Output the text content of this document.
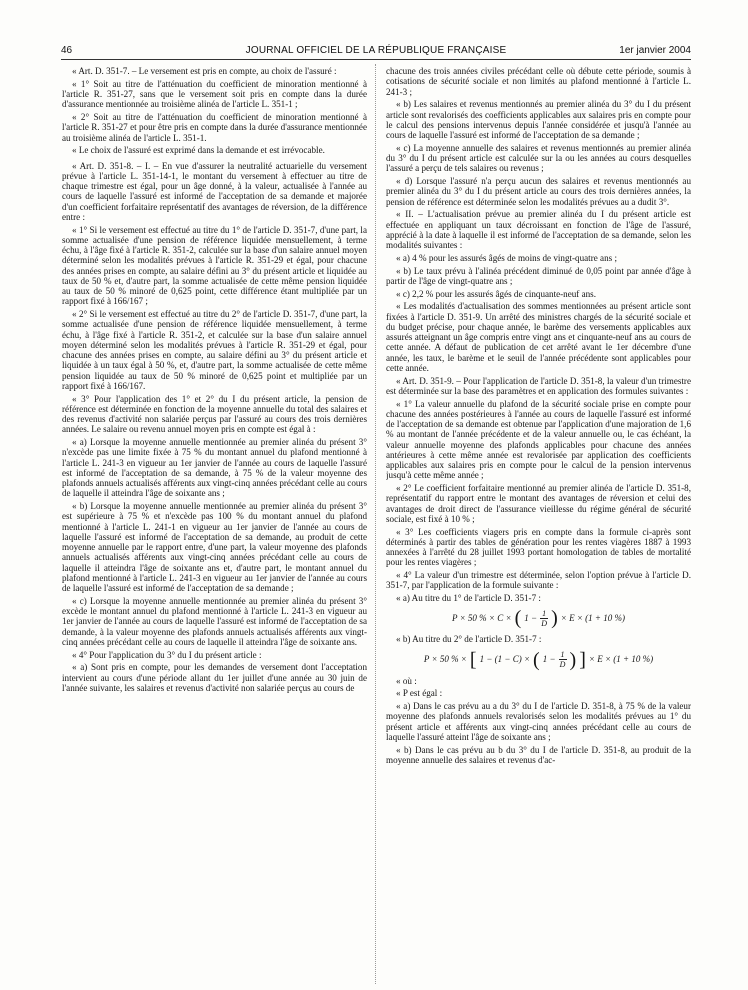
46	JOURNAL OFFICIEL DE LA RÉPUBLIQUE FRANÇAISE	1er janvier 2004

« Art. D. 351-7. – Le versement est pris en compte, au choix de l'assuré :

« 1° Soit au titre de l'atténuation du coefficient de minoration mentionné à l'article R. 351-27, sans que le versement soit pris en compte dans la durée d'assurance mentionnée au troisième alinéa de l'article L. 351-1 ;

« 2° Soit au titre de l'atténuation du coefficient de minoration mentionné à l'article R. 351-27 et pour être pris en compte dans la durée d'assurance mentionnée au troisième alinéa de l'article L. 351-1.

« Le choix de l'assuré est exprimé dans la demande et est irrévocable.

« Art. D. 351-8. – I. – En vue d'assurer la neutralité actuarielle du versement prévue à l'article L. 351-14-1, le montant du versement à effectuer au titre de chaque trimestre est égal, pour un âge donné, à la valeur, actualisée à l'année au cours de laquelle l'assuré est informé de l'acceptation de sa demande et majorée d'un coefficient forfaitaire représentatif des avantages de réversion, de la différence entre :

« 1° Si le versement est effectué au titre du 1° de l'article D. 351-7, d'une part, la somme actualisée d'une pension de référence liquidée mensuellement, à terme échu, à l'âge fixé à l'article R. 351-2, calculée sur la base d'un salaire annuel moyen déterminé selon les modalités prévues à l'article R. 351-29 et égal, pour chacune des années prises en compte, au salaire défini au 3° du présent article et liquidée au taux de 50 % et, d'autre part, la somme actualisée de cette même pension liquidée au taux de 50 % minoré de 0,625 point, cette différence étant multipliée par un rapport fixé à 166/167 ;

« 2° Si le versement est effectué au titre du 2° de l'article D. 351-7, d'une part, la somme actualisée d'une pension de référence liquidée mensuellement, à terme échu, à l'âge fixé à l'article R. 351-2, et calculée sur la base d'un salaire annuel moyen déterminé selon les modalités prévues à l'article R. 351-29 et égal, pour chacune des années prises en compte, au salaire défini au 3° du présent article et liquidée à un taux égal à 50 %, et, d'autre part, la somme actualisée de cette même pension liquidée au taux de 50 % minoré de 0,625 point et multipliée par un rapport fixé à 166/167.

« 3° Pour l'application des 1° et 2° du I du présent article, la pension de référence est déterminée en fonction de la moyenne annuelle du total des salaires et des revenus d'activité non salariée perçus par l'assuré au cours des trois dernières années. Le salaire ou revenu annuel moyen pris en compte est égal à :

« a) Lorsque la moyenne annuelle mentionnée au premier alinéa du présent 3° n'excède pas une limite fixée à 75 % du montant annuel du plafond mentionné à l'article L. 241-3 en vigueur au 1er janvier de l'année au cours de laquelle l'assuré est informé de l'acceptation de sa demande, à 75 % de la valeur moyenne des plafonds annuels actualisés afférents aux vingt-cinq années précédant celle au cours de laquelle il atteindra l'âge de soixante ans ;

« b) Lorsque la moyenne annuelle mentionnée au premier alinéa du présent 3° est supérieure à 75 % et n'excède pas 100 % du montant annuel du plafond mentionné à l'article L. 241-1 en vigueur au 1er janvier de l'année au cours de laquelle l'assuré est informé de l'acceptation de sa demande, au produit de cette moyenne annuelle par le rapport entre, d'une part, la valeur moyenne des plafonds annuels actualisés afférents aux vingt-cinq années précédant celle au cours de laquelle il atteindra l'âge de soixante ans et, d'autre part, le montant annuel du plafond mentionné à l'article L. 241-3 en vigueur au 1er janvier de l'année au cours de laquelle l'assuré est informé de l'acceptation de sa demande ;

« c) Lorsque la moyenne annuelle mentionnée au premier alinéa du présent 3° excède le montant annuel du plafond mentionné à l'article L. 241-3 en vigueur au 1er janvier de l'année au cours de laquelle l'assuré est informé de l'acceptation de sa demande, à la valeur moyenne des plafonds annuels actualisés afférents aux vingt-cinq années précédant celle au cours de laquelle il atteindra l'âge de soixante ans.

« 4° Pour l'application du 3° du I du présent article :

« a) Sont pris en compte, pour les demandes de versement dont l'acceptation intervient au cours d'une période allant du 1er juillet d'une année au 30 juin de l'année suivante, les salaires et revenus d'activité non salariée perçus au cours de

chacune des trois années civiles précédant celle où débute cette période, soumis à cotisations de sécurité sociale et non limités au plafond mentionné à l'article L. 241-3 ;

« b) Les salaires et revenus mentionnés au premier alinéa du 3° du I du présent article sont revalorisés des coefficients applicables aux salaires pris en compte pour le calcul des pensions intervenus depuis l'année considérée et jusqu'à l'année au cours de laquelle l'assuré est informé de l'acceptation de sa demande ;

« c) La moyenne annuelle des salaires et revenus mentionnés au premier alinéa du 3° du I du présent article est calculée sur la ou les années au cours desquelles l'assuré a perçu de tels salaires ou revenus ;

« d) Lorsque l'assuré n'a perçu aucun des salaires et revenus mentionnés au premier alinéa du 3° du I du présent article au cours des trois dernières années, la pension de référence est déterminée selon les modalités prévues au a dudit 3°.

« II. – L'actualisation prévue au premier alinéa du I du présent article est effectuée en appliquant un taux décroissant en fonction de l'âge de l'assuré, apprécié à la date à laquelle il est informé de l'acceptation de sa demande, selon les modalités suivantes :

« a) 4 % pour les assurés âgés de moins de vingt-quatre ans ;

« b) Le taux prévu à l'alinéa précédent diminué de 0,05 point par année d'âge à partir de l'âge de vingt-quatre ans ;

« c) 2,2 % pour les assurés âgés de cinquante-neuf ans.

« Les modalités d'actualisation des sommes mentionnées au présent article sont fixées à l'article D. 351-9. Un arrêté des ministres chargés de la sécurité sociale et du budget précise, pour chaque année, le barème des versements applicables aux assurés atteignant un âge compris entre vingt ans et cinquante-neuf ans au cours de cette année. A défaut de publication de cet arrêté avant le 1er décembre d'une année, les taux, le barème et le seuil de l'année précédente sont applicables pour cette année.

« Art. D. 351-9. – Pour l'application de l'article D. 351-8, la valeur d'un trimestre est déterminée sur la base des paramètres et en application des formules suivantes :

« 1° La valeur annuelle du plafond de la sécurité sociale prise en compte pour chacune des années postérieures à l'année au cours de laquelle l'assuré est informé de l'acceptation de sa demande est obtenue par l'application d'une majoration de 1,6 % au montant de l'année précédente et de la valeur annuelle ou, le cas échéant, la valeur annuelle moyenne des plafonds applicables pour chacune des années antérieures à cette même année est revalorisée par application des coefficients applicables aux salaires pris en compte pour le calcul de la pension intervenus jusqu'à cette même année ;

« 2° Le coefficient forfaitaire mentionné au premier alinéa de l'article D. 351-8, représentatif du rapport entre le montant des avantages de réversion et celui des avantages de droit direct de l'assurance vieillesse du régime général de sécurité sociale, est fixé à 10 % ;

« 3° Les coefficients viagers pris en compte dans la formule ci-après sont déterminés à partir des tables de génération pour les rentes viagères 1887 à 1993 annexées à l'arrêté du 28 juillet 1993 portant homologation de tables de mortalité pour les rentes viagères ;

« 4° La valeur d'un trimestre est déterminée, selon l'option prévue à l'article D. 351-7, par l'application de la formule suivante :

« a) Au titre du 1° de l'article D. 351-7 :

P × 50 % × C × ( $1 - \frac{1}{D}$ ) × E × (1 + 10 %)

« b) Au titre du 2° de l'article D. 351-7 :

P × 50 % × [ 1 − (1 − C) × ( $1 - \frac{1}{D}$ ) ] × E × (1 + 10 %)

« où :

« P est égal :

« a) Dans le cas prévu au a du 3° du I de l'article D. 351-8, à 75 % de la valeur moyenne des plafonds annuels revalorisés selon les modalités prévues au 1° du présent article et afférents aux vingt-cinq années précédant celle au cours de laquelle l'assuré atteint l'âge de soixante ans ;

« b) Dans le cas prévu au b du 3° du I de l'article D. 351-8, au produit de la moyenne annuelle des salaires et revenus d'ac-
